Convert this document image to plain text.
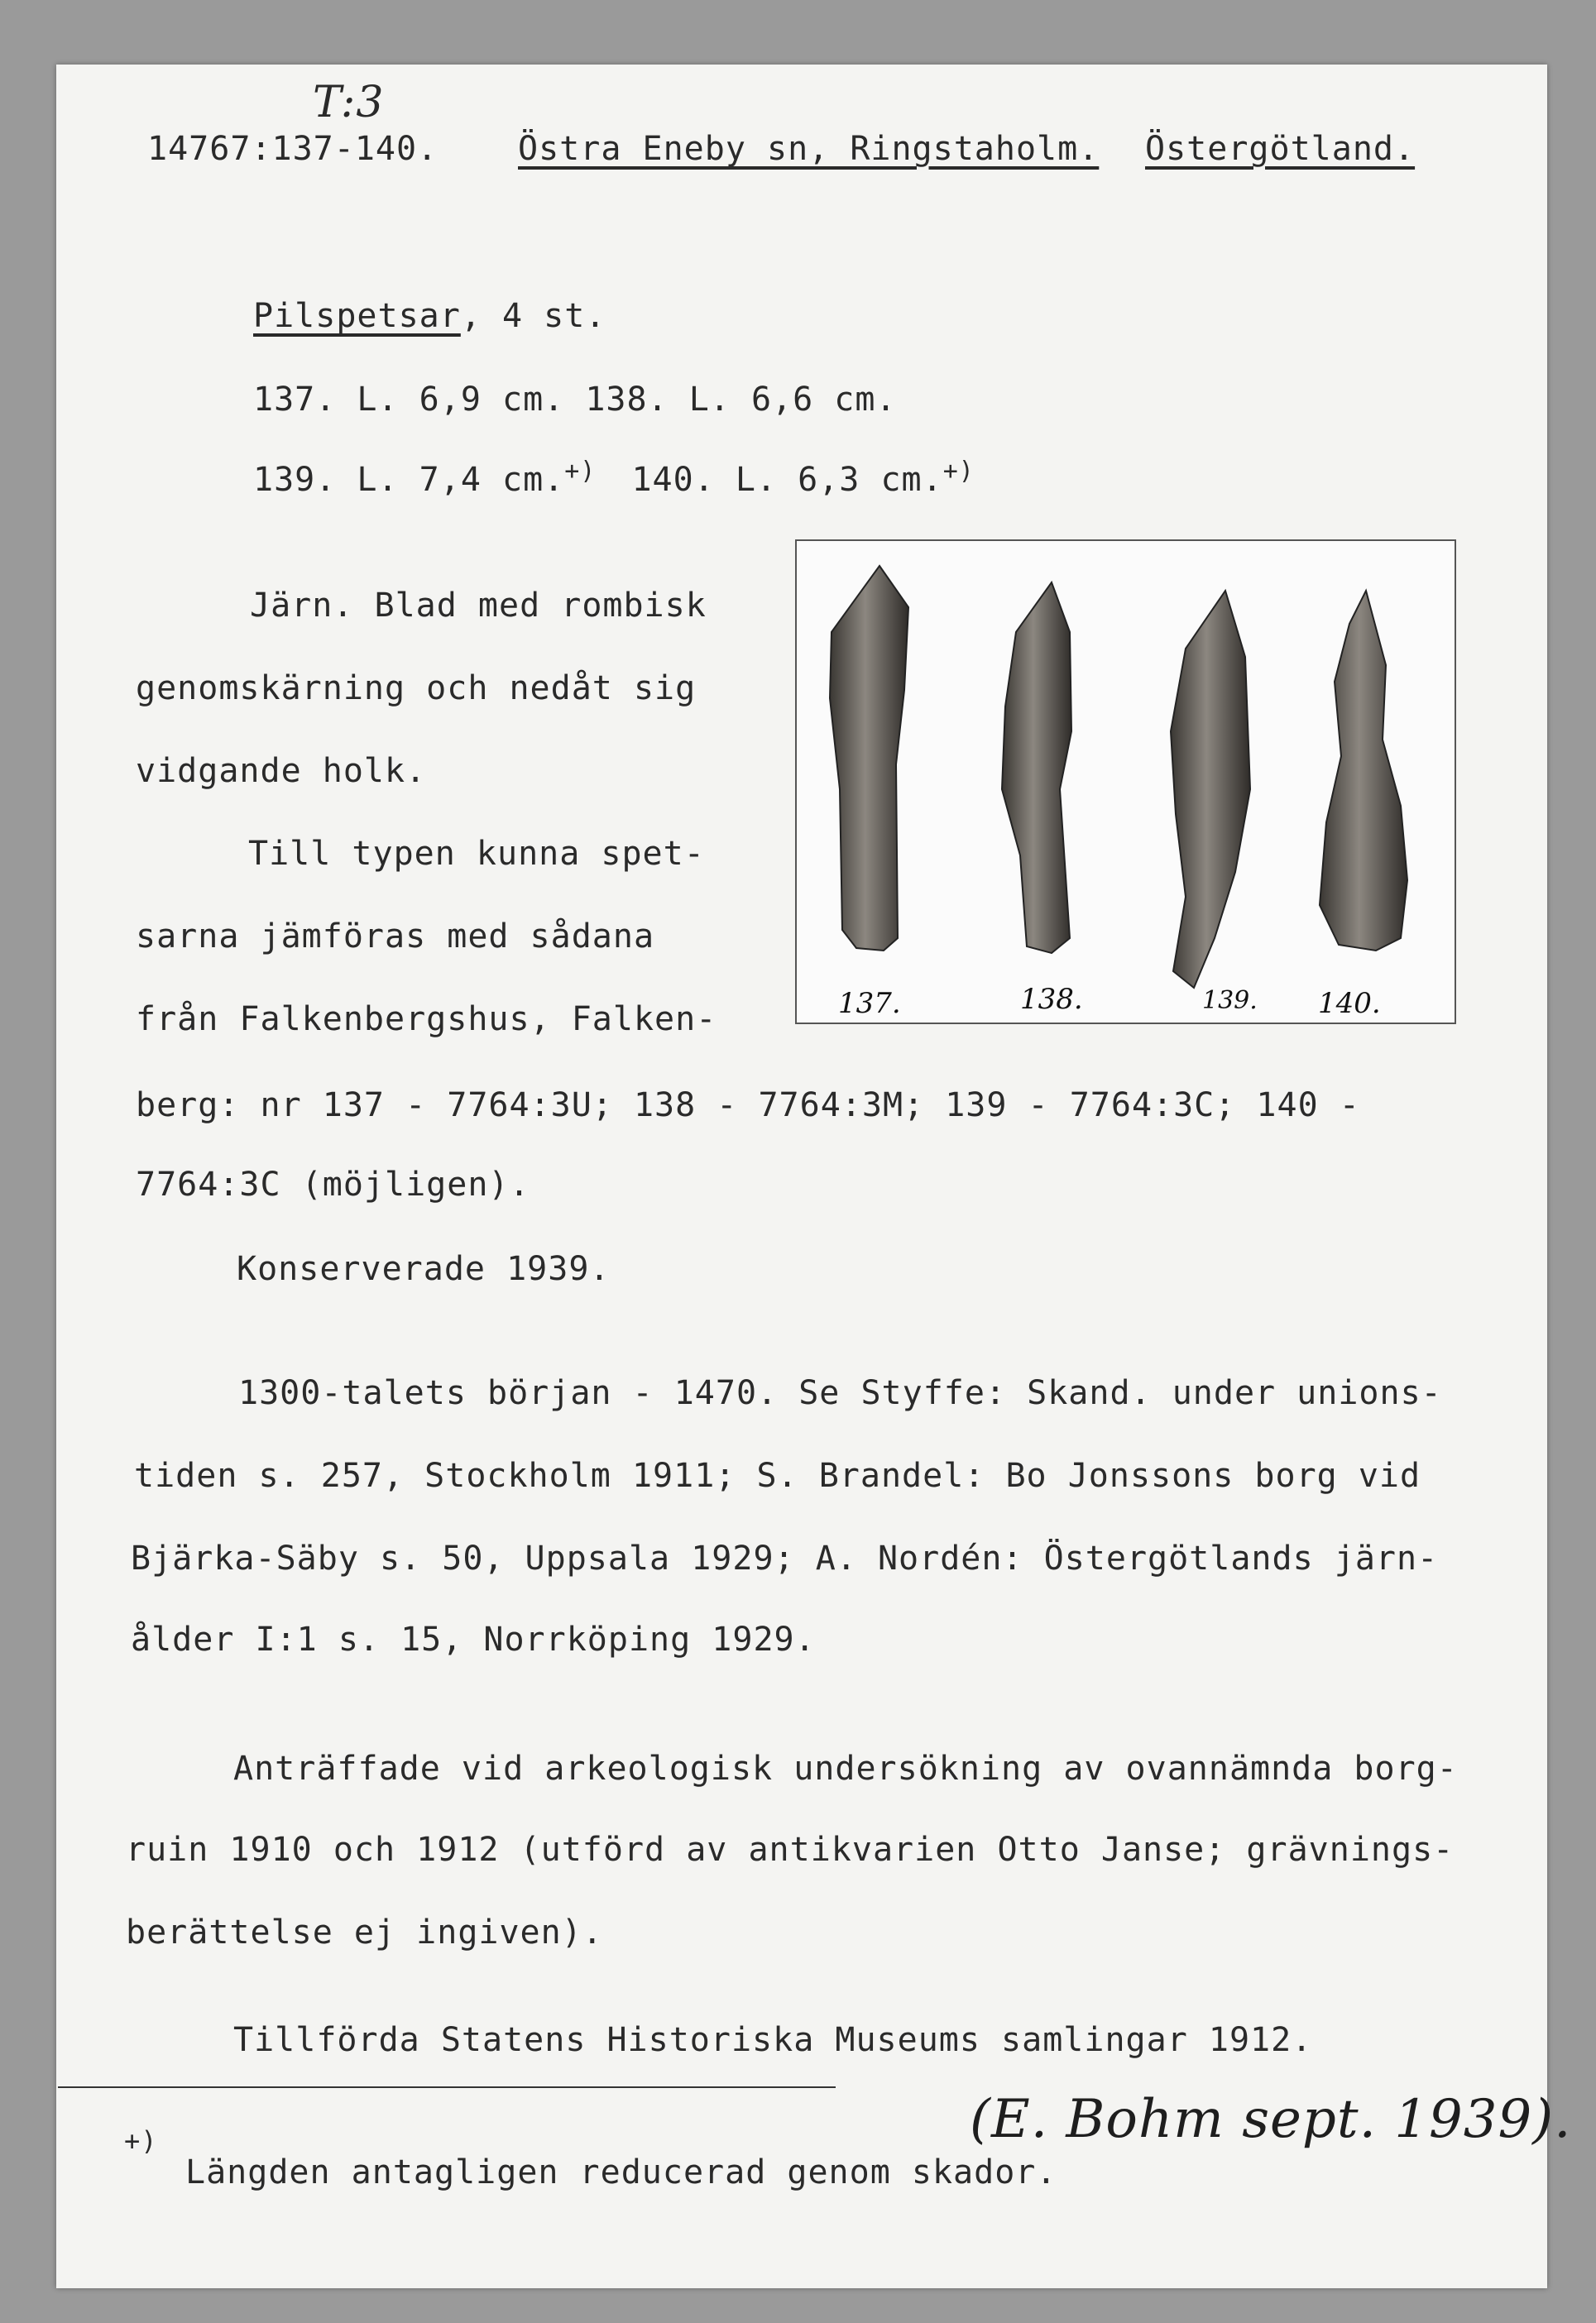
T:3
14767:137-140. Östra Eneby sn, Ringstaholm. Östergötland.
Pilspetsar, 4 st.
137. L. 6,9 cm. 138. L. 6,6 cm.
139. L. 7,4 cm.+) 140. L. 6,3 cm.+)
Järn. Blad med rombisk
genomskärning och nedåt sig
vidgande holk.
Till typen kunna spet-
sarna jämföras med sådana
från Falkenbergshus, Falken-
berg: nr 137 - 7764:3U; 138 - 7764:3M; 139 - 7764:3C; 140 -
7764:3C (möjligen).
Konserverade 1939.
137.	138.	139. 140.
1300-talets början - 1470. Se Styffe: Skand. under unions-
tiden s. 257, Stockholm 1911; S. Brandel: Bo Jonssons borg vid
Bjärka-Säby s. 50, Uppsala 1929; A. Nordén: Östergötlands järn-
ålder I:1 s. 15, Norrköping 1929.
Anträffade vid arkeologisk undersökning av ovannämnda borg-
ruin 1910 och 1912 (utförd av antikvarien Otto Janse; grävnings-
berättelse ej ingiven).
Tillförda Statens Historiska Museums samlingar 1912.
(E. Bohm sept. 1939).
+)
Längden antagligen reducerad genom skador.
